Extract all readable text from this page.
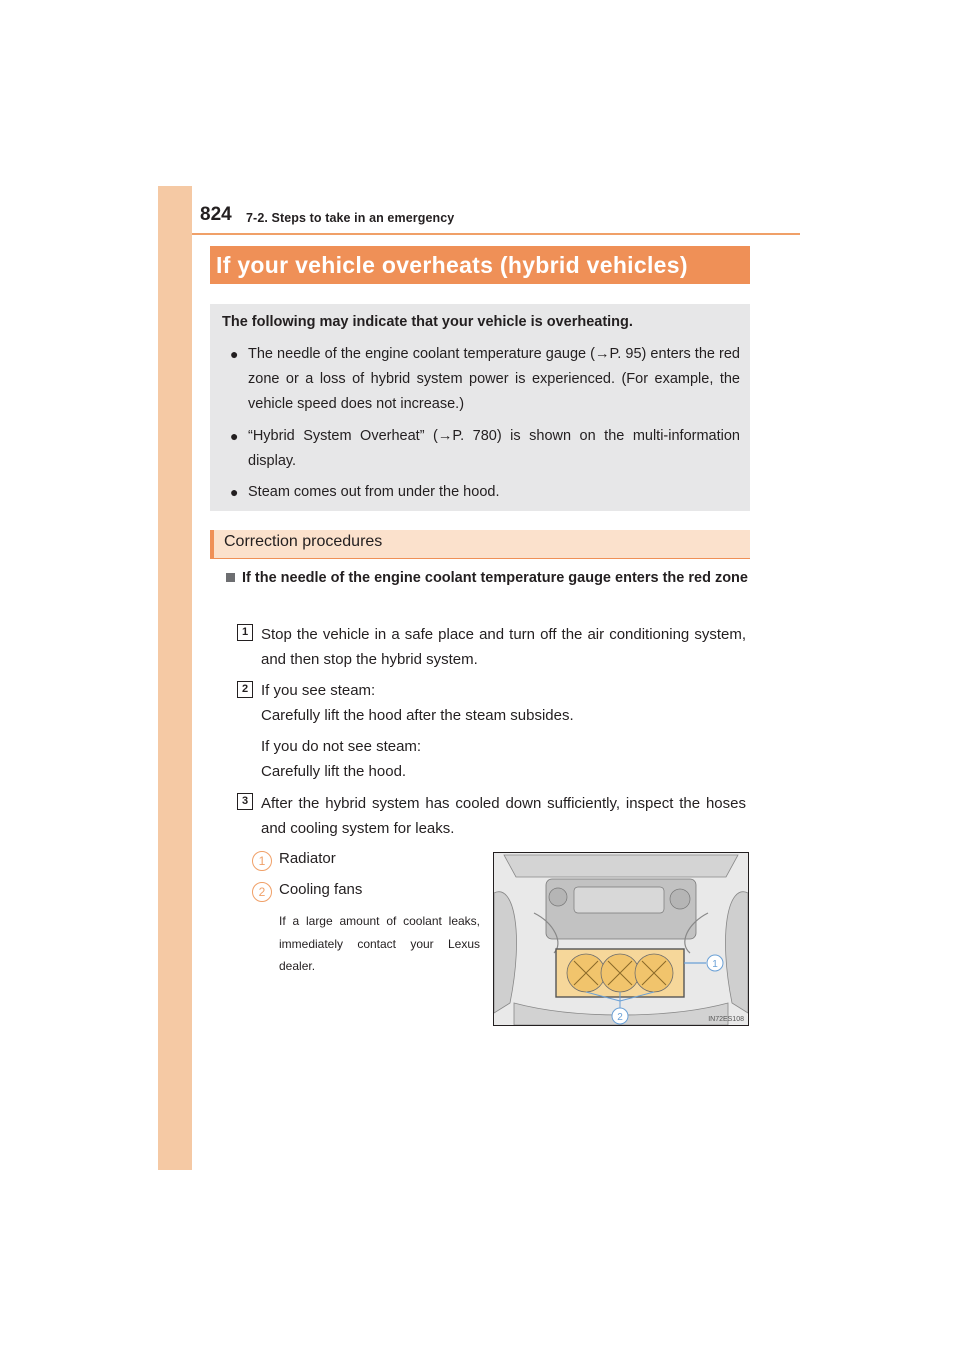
824 7-2. Steps to take in an emergency
If your vehicle overheats (hybrid vehicles)
The following may indicate that your vehicle is overheating.
● The needle of the engine coolant temperature gauge (→P. 95) enters the red zone or a loss of hybrid system power is experienced. (For example, the vehicle speed does not increase.)
● “Hybrid System Overheat” (→P. 780) is shown on the multi-information display.
● Steam comes out from under the hood.
Correction procedures
If the needle of the engine coolant temperature gauge enters the red zone
1 Stop the vehicle in a safe place and turn off the air conditioning system, and then stop the hybrid system.
2 If you see steam:
Carefully lift the hood after the steam subsides.
If you do not see steam:
Carefully lift the hood.
3 After the hybrid system has cooled down sufficiently, inspect the hoses and cooling system for leaks.
1 Radiator
2 Cooling fans
If a large amount of coolant leaks, immediately contact your Lexus dealer.	1
2	IN72ES108
